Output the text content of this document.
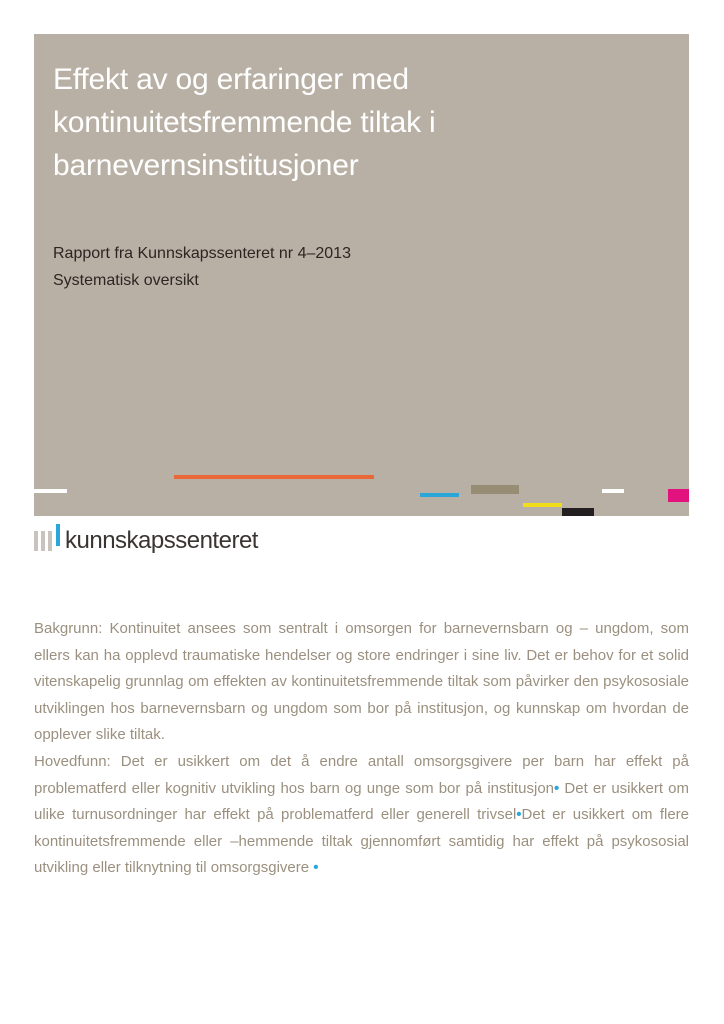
Effekt av og erfaringer med
kontinuitetsfremmende tiltak i
barnevernsinstitusjoner
Rapport fra Kunnskapssenteret nr 4–2013
Systematisk oversikt
kunnskapssenteret

Bakgrunn: Kontinuitet ansees som sentralt i omsorgen for barnevernsbarn og – ungdom, som ellers kan ha opplevd traumatiske hendelser og store endringer i sine liv. Det er behov for et solid vitenskapelig grunnlag om effekten av kontinuitetsfremmende tiltak som påvirker den psykososiale utviklingen hos barnevernsbarn og ungdom som bor på institusjon, og kunnskap om hvordan de opplever slike tiltak.

Hovedfunn: Det er usikkert om det å endre antall omsorgsgivere per barn har effekt på problematferd eller kognitiv utvikling hos barn og unge som bor på institusjon• Det er usikkert om ulike turnusordninger har effekt på problematferd eller generell trivsel•Det er usikkert om flere kontinuitetsfremmende eller –hemmende tiltak gjennomført samtidig har effekt på psykososial utvikling eller tilknytning til omsorgsgivere •
